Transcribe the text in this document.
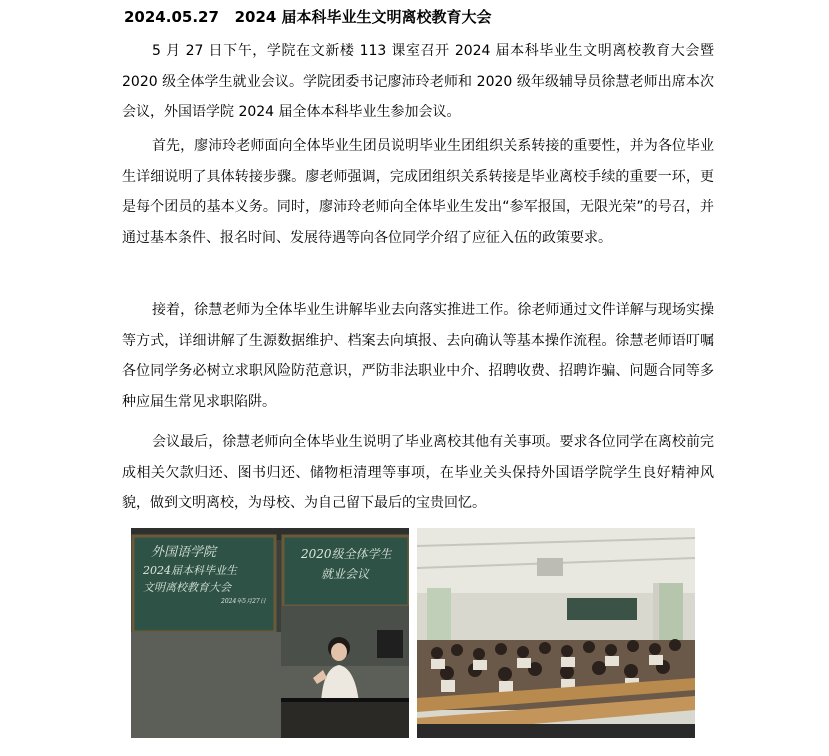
2024.05.27 2024 届本科毕业生文明离校教育大会

5 月 27 日下午，学院在文新楼 113 课室召开 2024 届本科毕业生文明离校教育大会暨 2020 级全体学生就业会议。学院团委书记廖沛玲老师和 2020 级年级辅导员徐慧老师出席本次会议，外国语学院 2024 届全体本科毕业生参加会议。

首先，廖沛玲老师面向全体毕业生团员说明毕业生团组织关系转接的重要性，并为各位毕业生详细说明了具体转接步骤。廖老师强调，完成团组织关系转接是毕业离校手续的重要一环，更是每个团员的基本义务。同时，廖沛玲老师向全体毕业生发出“参军报国，无限光荣”的号召，并通过基本条件、报名时间、发展待遇等向各位同学介绍了应征入伍的政策要求。

接着，徐慧老师为全体毕业生讲解毕业去向落实推进工作。徐老师通过文件详解与现场实操等方式，详细讲解了生源数据维护、档案去向填报、去向确认等基本操作流程。徐慧老师语叮嘱各位同学务必树立求职风险防范意识，严防非法职业中介、招聘收费、招聘诈骗、问题合同等多种应届生常见求职陷阱。

会议最后，徐慧老师向全体毕业生说明了毕业离校其他有关事项。要求各位同学在离校前完成相关欠款归还、图书归还、储物柜清理等事项，在毕业关头保持外国语学院学生良好精神风貌，做到文明离校，为母校、为自己留下最后的宝贵回忆。

外国语学院
2024届本科毕业生
文明离校教育大会
2024年5月27日
2020级全体学生
就业会议
